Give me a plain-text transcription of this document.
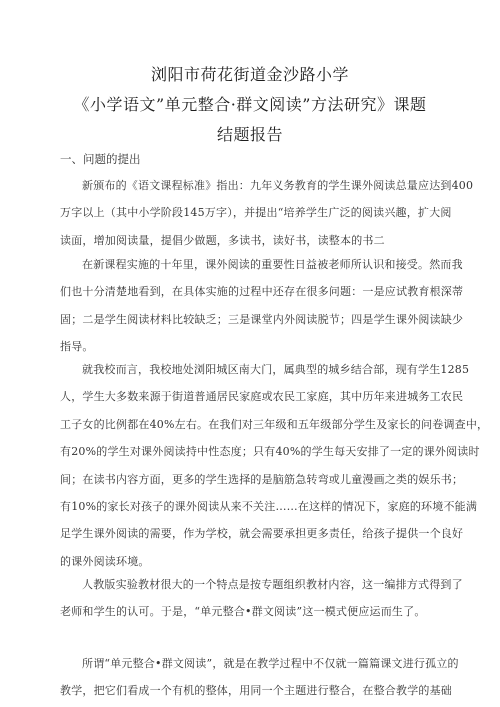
浏阳市荷花街道金沙路小学
《小学语文”单元整合·群文阅读”方法研究》课题
结题报告
一、问题的提出
新颁布的《语文课程标准》指出：九年义务教育的学生课外阅读总量应达到400
万字以上（其中小学阶段145万字），并提出“培养学生广泛的阅读兴趣，扩大阅
读面，增加阅读量，提倡少做题，多读书，读好书，读整本的书二
在新课程实施的十年里，课外阅读的重要性日益被老师所认识和接受。然而我
们也十分清楚地看到，在具体实施的过程中还存在很多问题：一是应试教育根深蒂
固；二是学生阅读材料比较缺乏；三是课堂内外阅读脱节；四是学生课外阅读缺少
指导。
就我校而言，我校地处浏阳城区南大门，属典型的城乡结合部，现有学生1285
人，学生大多数来源于街道普通居民家庭或农民工家庭，其中历年来进城务工农民
工子女的比例都在40%左右。在我们对三年级和五年级部分学生及家长的问卷调查中，
有20%的学生对课外阅读持中性态度；只有40%的学生每天安排了一定的课外阅读时
间；在读书内容方面，更多的学生选择的是脑筋急转弯或儿童漫画之类的娱乐书；
有10%的家长对孩子的课外阅读从来不关注……在这样的情况下，家庭的环境不能满
足学生课外阅读的需要，作为学校，就会需要承担更多责任，给孩子提供一个良好
的课外阅读环境。
人教版实验教材很大的一个特点是按专题组织教材内容，这一编排方式得到了
老师和学生的认可。于是，“单元整合•群文阅读”这一模式便应运而生了。
所谓“单元整合•群文阅读”，就是在教学过程中不仅就一篇篇课文进行孤立的
教学，把它们看成一个有机的整体，用同一个主题进行整合，在整合教学的基础
